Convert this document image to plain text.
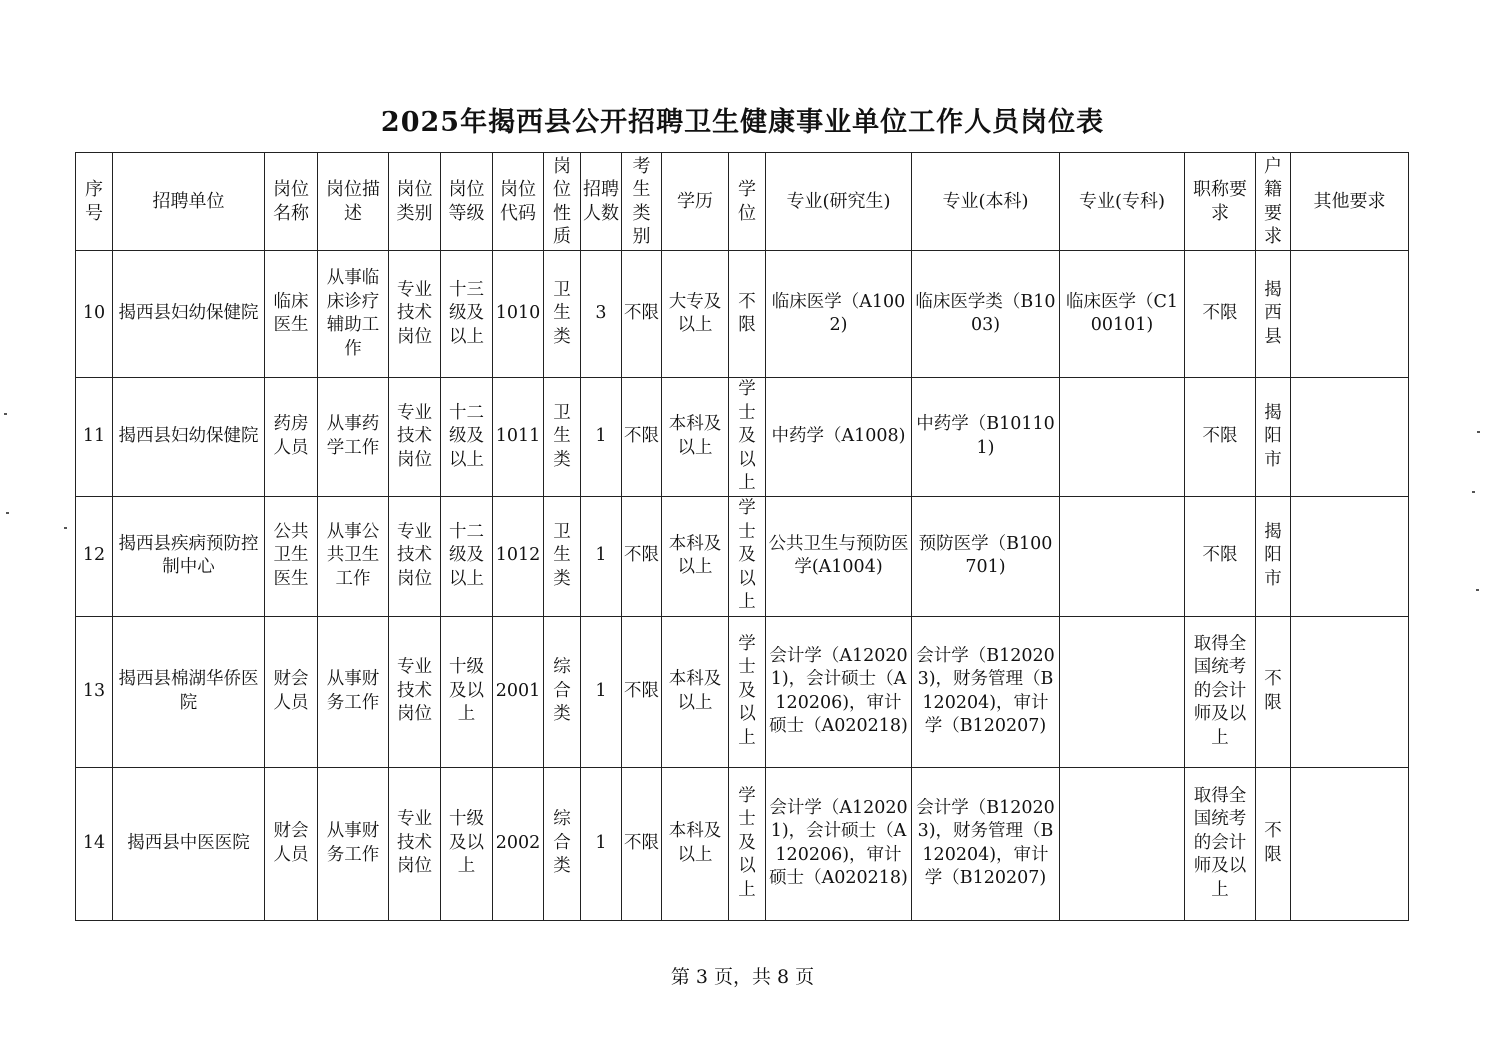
2025年揭西县公开招聘卫生健康事业单位工作人员岗位表
序号	招聘单位	岗位名称	岗位描述	岗位类别	岗位等级	岗位代码	岗位性质	招聘人数	考生类别	学历	学位	专业(研究生)	专业(本科)	专业(专科)	职称要求	户籍要求	其他要求
10	揭西县妇幼保健院	临床医生	从事临床诊疗辅助工作	专业技术岗位	十三级及以上	1010	卫生类	3	不限	大专及以上	不限	临床医学（A1002)	临床医学类（B1003)	临床医学（C100101)	不限	揭西县	
11	揭西县妇幼保健院	药房人员	从事药学工作	专业技术岗位	十二级及以上	1011	卫生类	1	不限	本科及以上	学士及以上	中药学（A1008)	中药学（B101101)		不限	揭阳市	
12	揭西县疾病预防控制中心	公共卫生医生	从事公共卫生工作	专业技术岗位	十二级及以上	1012	卫生类	1	不限	本科及以上	学士及以上	公共卫生与预防医学(A1004)	预防医学（B100701)		不限	揭阳市	
13	揭西县棉湖华侨医院	财会人员	从事财务工作	专业技术岗位	十级及以上	2001	综合类	1	不限	本科及以上	学士及以上	会计学（A120201)，会计硕士（A120206)，审计硕士（A020218)	会计学（B120203)，财务管理（B120204)，审计学（B120207)		取得全国统考的会计师及以上	不限	
14	揭西县中医医院	财会人员	从事财务工作	专业技术岗位	十级及以上	2002	综合类	1	不限	本科及以上	学士及以上	会计学（A120201)，会计硕士（A120206)，审计硕士（A020218)	会计学（B120203)，财务管理（B120204)，审计学（B120207)		取得全国统考的会计师及以上	不限	
第 3 页，共 8 页
